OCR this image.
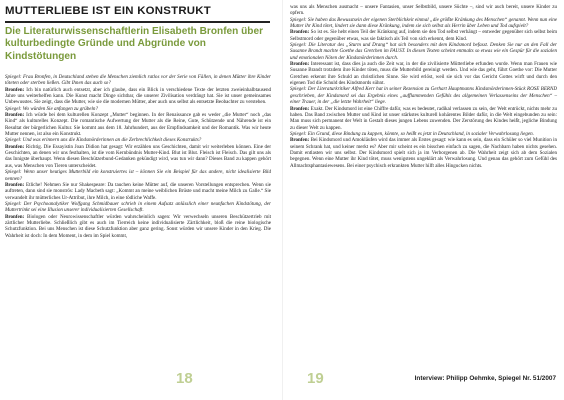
MUTTERLIEBE IST EIN KONSTRUKT
Die Literaturwissenschaftlerin Elisabeth Bronfen über kulturbedingte Gründe und Abgründe von Kindstötungen

Spiegel: Frau Bronfen, in Deutschland stehen die Menschen ziemlich ratlos vor der Serie von Fällen, in denen Mütter ihre Kinder töteten oder sterben ließen. Gibt Ihnen das auch so?

Bronfen: Ich bin natürlich auch entsetzt, aber ich glaube, dass ein Blick in verschiedene Texte der letzten zweieinhalbtausend Jahre uns weiterhelfen kann. Die Kunst macht Dinge sichtbar, die unserer Zivilisation verdrängt hat. Sie ist unser gemeinsames Unbewusstes. Sie zeigt, dass die Mutter, wie sie die modernen Mütter, aber auch uns selbst als entsetzte Beobachter zu verstehen.

Spiegel: Wo würden Sie anfangen zu grübeln?

Bronfen: Ich würde bei dem kulturellen Konzept „Mutter“ beginnen. In der Renaissance gab es weder „die Mutter“ noch „das Kind“ als kulturelles Konzept. Die romantische Aufwertung der Mutter als die Reine, Gute, Schützende und Nährende ist ein Resultat der bürgerlichen Kultur. Sie kommt aus dem 18. Jahrhundert, aus der Empfindsamkeit und der Romantik. Was wir heute Mutter nennen, ist also ein Konstrukt.

Spiegel: Und was erinnern uns die Kindsmörderinnen an die Zerbrechlichkeit dieses Konstrukts?

Bronfen: Richtig. Die Essayistin Joan Didion hat gesagt: Wir erzählen uns Geschichten, damit wir weiterleben können. Eine der Geschichten, an denen wir uns festhalten, ist die vom Kernbündnis Mutter-Kind. Blut ist Blut. Fleisch ist Fleisch. Das gilt uns als das Innigste überhaupt. Wenn diesen Beschützerbund-Gedanken gekündigt wird, was tun wir dann? Dieses Band zu kappen gehört aus, was Menschen von Tieren unterscheidet.

Spiegel: Wenn unser heutiges Mutterbild ein konstruiertes ist – können Sie ein Beispiel für das andere, nicht idealisierte Bild nennen?

Bronfen: Etliche! Nehmen Sie nur Shakespeare: Da tauchen keine Mütter auf, die unseren Vorstellungen entsprechen. Wenn sie auftreten, dann sind sie monströs: Lady Macbeth sagt: „Kommt an meine weiblichen Brüste und macht meine Milch zu Galle.“ Sie verwandelt ihr mütterliches Ur-Attribut, ihre Milch, in eine tödliche Waffe.

Spiegel: Der Psychoanalytiker Wolfgang Schmidbauer schrieb in einem Aufsatz anlässlich einer neunfachen Kindstötung, der Muttertrinkt sei eine Illusion unserer individualisierten Gesellschaft.

Bronfen: Biologen oder Neurowissenschaftler würden wahrscheinlich sagen: Wir verwechseln unseren Beschützertrieb mit zärtlicher Mutterliebe. Schließlich gibt es auch im Tierreich keine individualisierte Zärtlichkeit, bloß die reine biologische Schutzfunktion. Bei uns Menschen ist diese Schutzfunktion aber ganz gering. Sonst würden wir unsere Kinder in den Krieg. Die Wahrheit ist doch: In dem Moment, in dem im Spiel kommt,

was uns als Menschen ausmacht – unsere Fantasien, unser Selbstbild, unsere Süchte –, sind wir auch bereit, unsere Kinder zu opfern.

Spiegel: Sie haben das Bewusstsein der eigenen Sterblichkeit einmal „die größte Kränkung des Menschen“ genannt. Wenn nun eine Mutter ihr Kind tötet, lindert sie dann diese Kränkung, indem sie sich selbst als Herrin über Leben und Tod aufspielt?

Bronfen: So ist es. Sie hebt einen Teil der Kränkung auf, indem sie den Tod selbst verhängt – entweder gegenüber sich selbst beim Selbstmord oder gegenüber etwas, was sie faktisch als Teil von sich erkennt, dem Kind.

Spiegel: Die Literatur des „Sturm und Drang“ hat sich besonders mit dem Kindsmord befasst. Denken Sie nur an den Fall der Susanne Brandt machte Goethe das Gretchen im FAUST. In diesen Texten scheint entmalts so etwas wie ein Gespür für die sozialen und emotionalen Nöten der Kindsmörderinnen durch.

Bronfen: Interessant ist, dass dies ja auch die Zeit war, in der die zivilisierte Mütterliebe erfunden wurde. Wenn man Frauen wie Susanne Brandt trotzdem ihre Kinder töten, muss die Mutterbild gereinigt werden. Und wie das geht, führt Goethe vor: Die Mutter Gretchen erkennt ihre Schuld an christlichen Sinne. Sie wird erlöst, weil sie sich vor das Gericht Gottes wirft und durch den eigenen Tod die Schuld des Kindsmords sühnt.

Spiegel: Der Literaturkritiker Alfred Kerr hat in seiner Rezension zu Gerhart Hauptmanns Kindsmörderinnen-Stück ROSE BERND geschrieben, der Kindsmord sei das Ergebnis eines „aufflammenden Gefühls des allgemeinen Verlassenseins der Menschen“ – einer Trauer, in der „die letzte Wahrheit“ liege.

Bronfen: Exakt. Der Kindsmord ist eine Chiffre dafür, was es bedeutet, radikal verlassen zu sein, der Welt entrückt, nichts mehr zu haben. Das Band zwischen Mutter und Kind ist unser stärkstes kulturell kohärentes Bilder dafür, in die Welt eingebunden zu sein: Man muss sich permanent der Welt in Gestalt dieses jungen Lebens zuwenden. Der Zerstörung des Kindes heißt, jegliche Bindung zu dieser Welt zu kappen.

Spiegel: Ein Grund, diese Bindung zu kappen, könnte, so heißt es jetzt in Deutschland, in sozialer Verwahrlosung liegen.

Bronfen: Bei Kindsmord und Amokläufen wird das immer als Erstes gesagt: wie kann es sein, dass ein Schüler so viel Munition in seinem Schrank hat, und keiner merkt es? Aber mir scheint es ein bisschen einfach zu sagen, die Nachbarn haben nichts gesehen. Damit entlasten wir uns selbst. Der Kindsmord spielt sich ja im Verborgenen ab. Die Wahrheit zeigt sich ab dem Sozialen begegnen. Wenn eine Mutter ihr Kind tötet, muss wenigstens ungeklärt als Verwahrlosung. Und genau das gehört zum Gefühl des Allmachtsphantasiewesens. Bei einer psychisch erkrankten Mutter hilft alles Hingucken nichts.

18	19	Interview: Philipp Oehmke, Spiegel Nr. 51/2007
